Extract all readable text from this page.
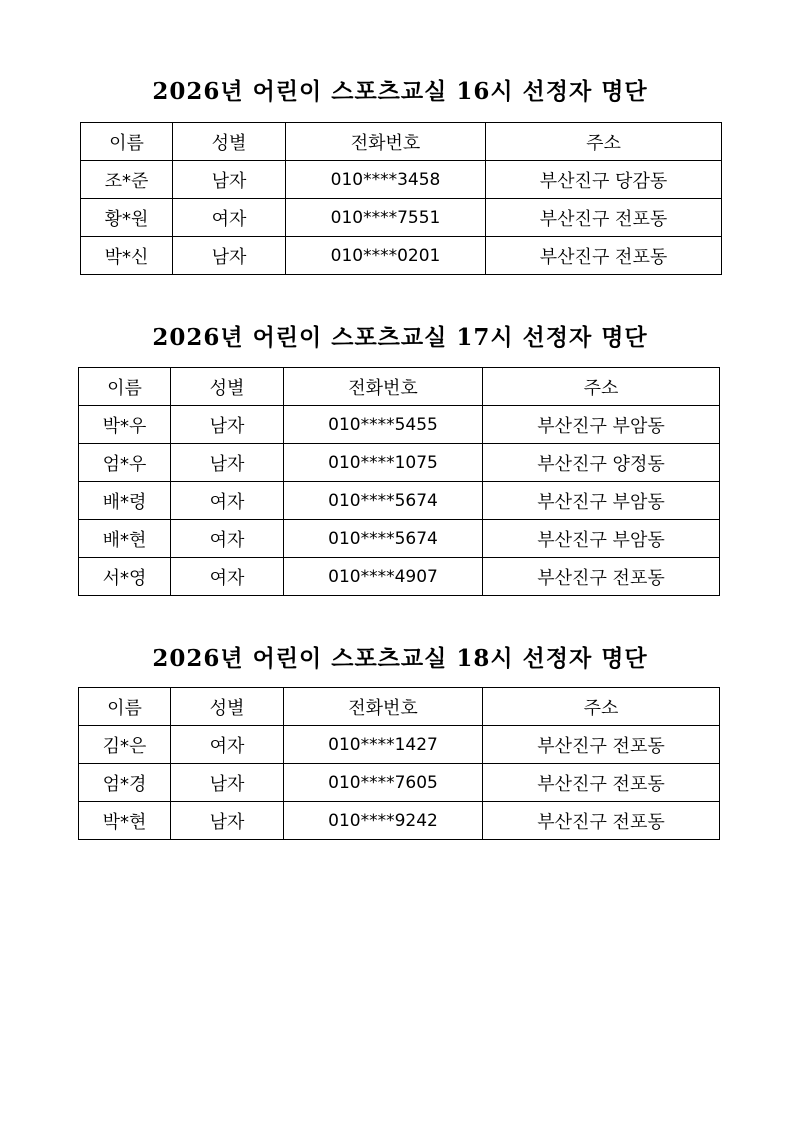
2026년 어린이 스포츠교실 16시 선정자 명단
이름	성별	전화번호	주소
조*준	남자	010****3458	부산진구 당감동
황*원	여자	010****7551	부산진구 전포동
박*신	남자	010****0201	부산진구 전포동
2026년 어린이 스포츠교실 17시 선정자 명단
이름	성별	전화번호	주소
박*우	남자	010****5455	부산진구 부암동
엄*우	남자	010****1075	부산진구 양정동
배*령	여자	010****5674	부산진구 부암동
배*현	여자	010****5674	부산진구 부암동
서*영	여자	010****4907	부산진구 전포동
2026년 어린이 스포츠교실 18시 선정자 명단
이름	성별	전화번호	주소
김*은	여자	010****1427	부산진구 전포동
엄*경	남자	010****7605	부산진구 전포동
박*현	남자	010****9242	부산진구 전포동
